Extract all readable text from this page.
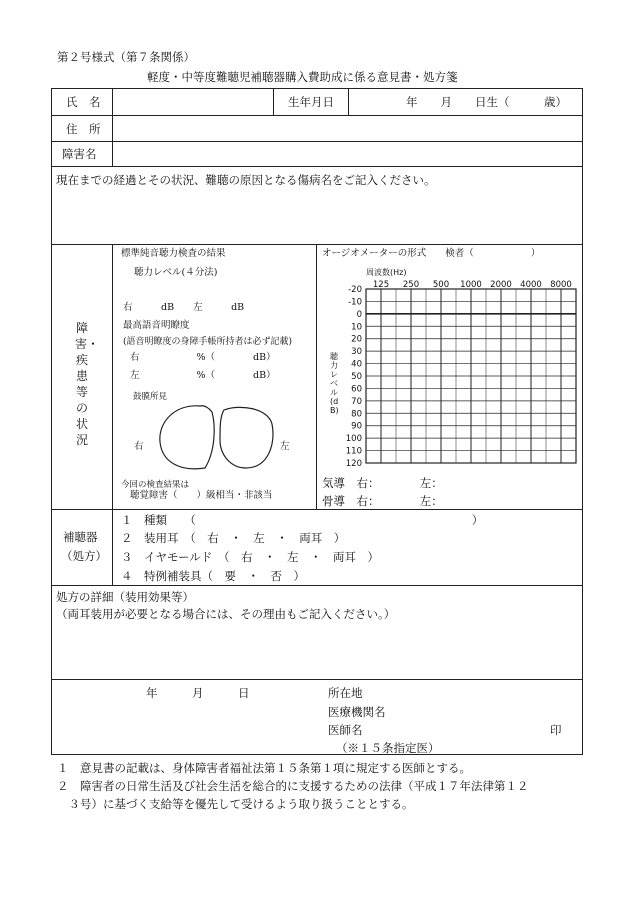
第２号様式（第７条関係）
軽度・中等度難聴児補聴器購入費助成に係る意見書・処方箋
氏　名	生年月日	年　　月　　日生（　　　歳）
住　所
障害名
現在までの経過とその状況、難聴の原因となる傷病名をご記入ください。
障害・疾患等の状況
標準純音聴力検査の結果
聴力レベル(４分法)
右　　　dB　　左　　　dB
最高語音明瞭度
(語音明瞭度の身障手帳所持者は必ず記載)
右　　　　　　%（　　　　dB）
左　　　　　　%（　　　　dB）
鼓膜所見
右	左
今回の検査結果は
聴覚障害（　　）級相当・非該当
オージオメーターの形式　　検者（　　　　　　）
周波数(Hz)
聴力レベル(dB)
125 250 500 1000 2000 4000 8000
-20
-10
0
10
20
30
40
50
60
70
80
90
100
110
120
気導　右：　　　　左：
骨導　右：　　　　左：
補聴器
（処方）
１　種類　　（　　　　　　　　　　　　　　　　　　　　　　　　）
２　装用耳　（　右　・　左　・　両耳　）
３　イヤモールド　（　右　・　左　・　両耳　）
４　特例補装具（　要　・　否　）
処方の詳細（装用効果等）
（両耳装用が必要となる場合には、その理由もご記入ください。）
年　　　月　　　日	所在地
医療機関名
医師名	印
（※１５条指定医）
１　意見書の記載は、身体障害者福祉法第１５条第１項に規定する医師とする。
２　障害者の日常生活及び社会生活を総合的に支援するための法律（平成１７年法律第１２
　３号）に基づく支給等を優先して受けるよう取り扱うこととする。
